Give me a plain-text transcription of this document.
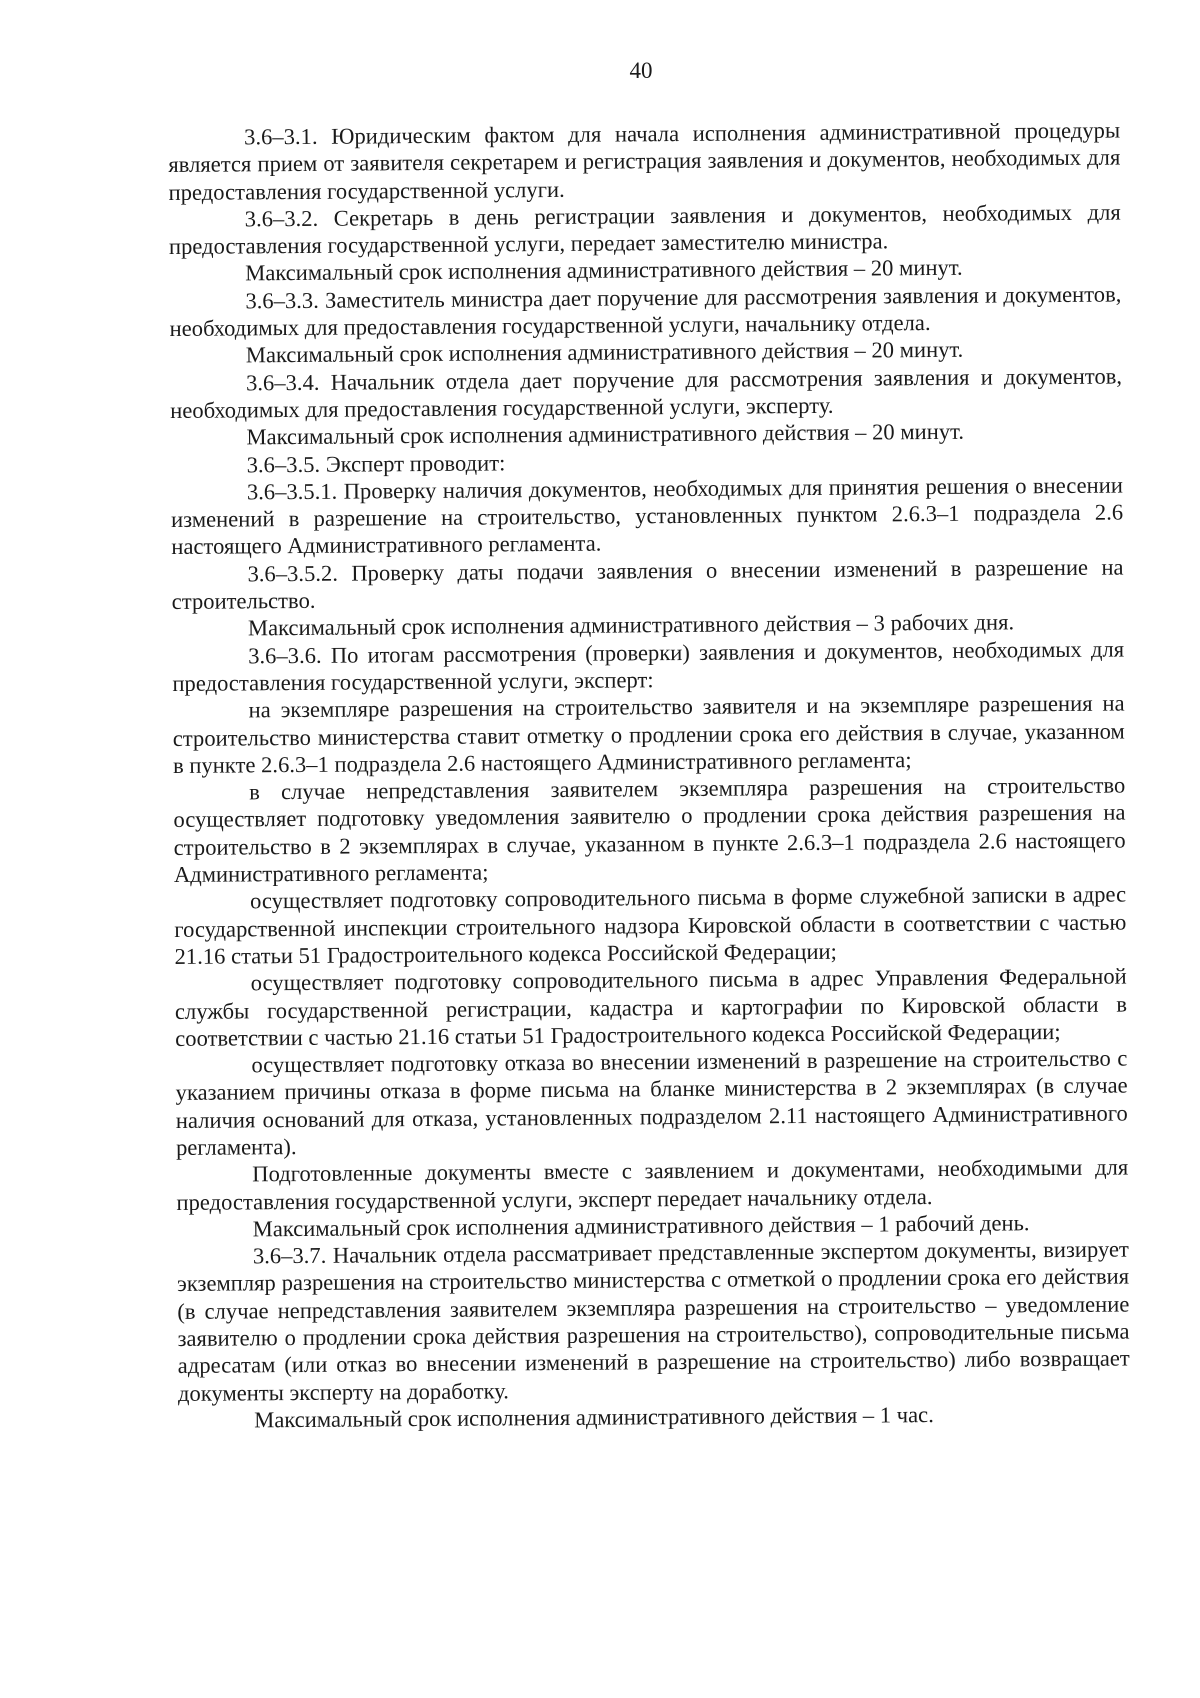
40

3.6–3.1. Юридическим фактом для начала исполнения административной процедуры является прием от заявителя секретарем и регистрация заявления и документов, необходимых для предоставления государственной услуги.

3.6–3.2. Секретарь в день регистрации заявления и документов, необходимых для предоставления государственной услуги, передает заместителю министра.

Максимальный срок исполнения административного действия – 20 минут.

3.6–3.3. Заместитель министра дает поручение для рассмотрения заявления и документов, необходимых для предоставления государственной услуги, начальнику отдела.

Максимальный срок исполнения административного действия – 20 минут.

3.6–3.4. Начальник отдела дает поручение для рассмотрения заявления и документов, необходимых для предоставления государственной услуги, эксперту.

Максимальный срок исполнения административного действия – 20 минут.

3.6–3.5. Эксперт проводит:

3.6–3.5.1. Проверку наличия документов, необходимых для принятия решения о внесении изменений в разрешение на строительство, установленных пунктом 2.6.3–1 подраздела 2.6 настоящего Административного регламента.

3.6–3.5.2. Проверку даты подачи заявления о внесении изменений в разрешение на строительство.

Максимальный срок исполнения административного действия – 3 рабочих дня.

3.6–3.6. По итогам рассмотрения (проверки) заявления и документов, необходимых для предоставления государственной услуги, эксперт:

на экземпляре разрешения на строительство заявителя и на экземпляре разрешения на строительство министерства ставит отметку о продлении срока его действия в случае, указанном в пункте 2.6.3–1 подраздела 2.6 настоящего Административного регламента;

в случае непредставления заявителем экземпляра разрешения на строительство осуществляет подготовку уведомления заявителю о продлении срока действия разрешения на строительство в 2 экземплярах в случае, указанном в пункте 2.6.3–1 подраздела 2.6 настоящего Административного регламента;

осуществляет подготовку сопроводительного письма в форме служебной записки в адрес государственной инспекции строительного надзора Кировской области в соответствии с частью 21.16 статьи 51 Градостроительного кодекса Российской Федерации;

осуществляет подготовку сопроводительного письма в адрес Управления Федеральной службы государственной регистрации, кадастра и картографии по Кировской области в соответствии с частью 21.16 статьи 51 Градостроительного кодекса Российской Федерации;

осуществляет подготовку отказа во внесении изменений в разрешение на строительство с указанием причины отказа в форме письма на бланке министерства в 2 экземплярах (в случае наличия оснований для отказа, установленных подразделом 2.11 настоящего Административного регламента).

Подготовленные документы вместе с заявлением и документами, необходимыми для предоставления государственной услуги, эксперт передает начальнику отдела.

Максимальный срок исполнения административного действия – 1 рабочий день.

3.6–3.7. Начальник отдела рассматривает представленные экспертом документы, визирует экземпляр разрешения на строительство министерства с отметкой о продлении срока его действия (в случае непредставления заявителем экземпляра разрешения на строительство – уведомление заявителю о продлении срока действия разрешения на строительство), сопроводительные письма адресатам (или отказ во внесении изменений в разрешение на строительство) либо возвращает документы эксперту на доработку.

Максимальный срок исполнения административного действия – 1 час.
